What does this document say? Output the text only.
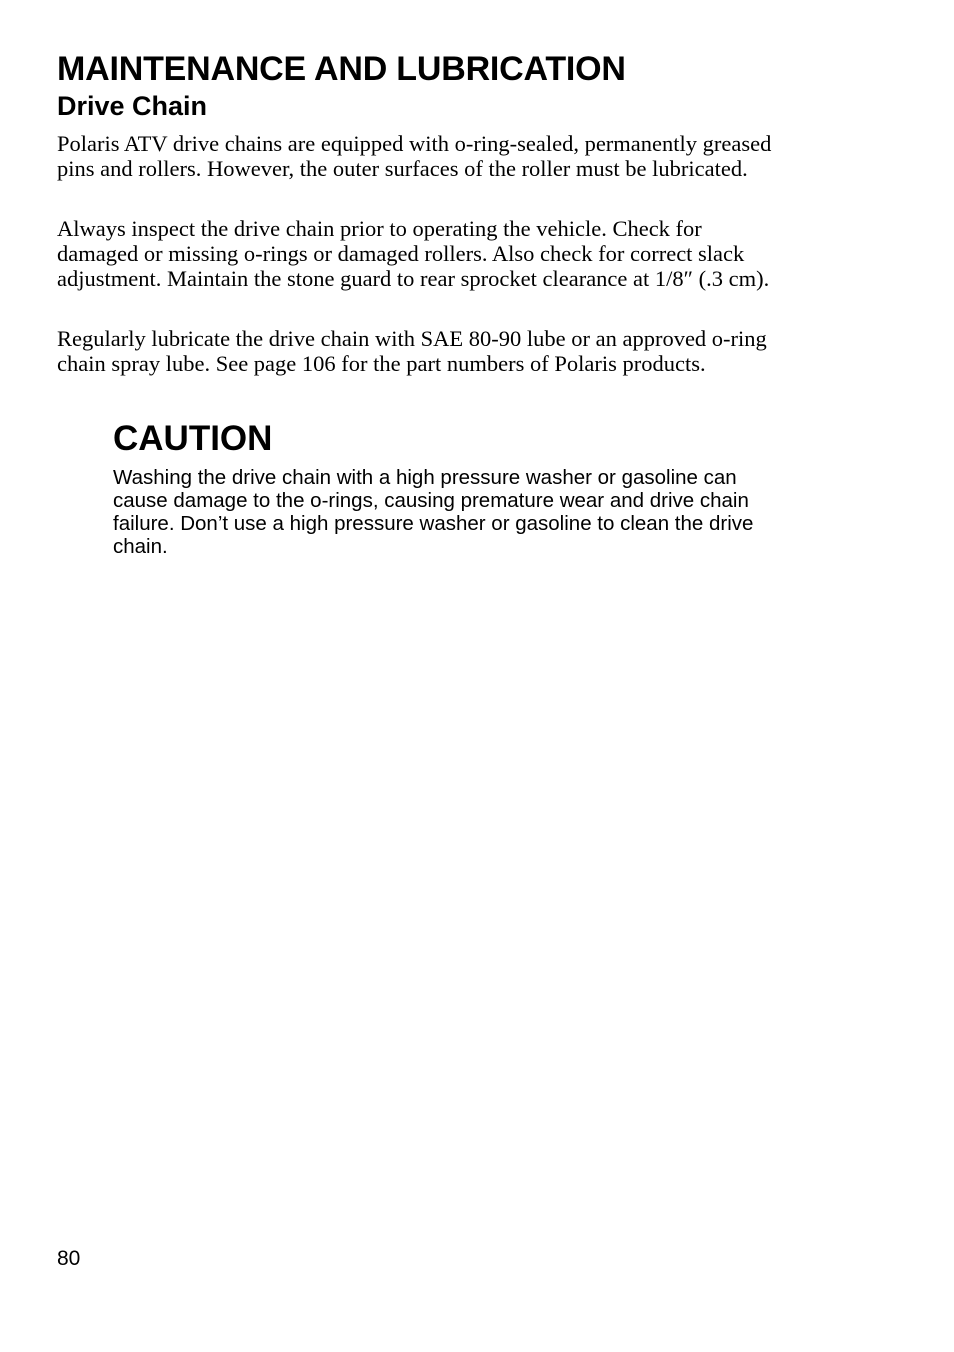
MAINTENANCE AND LUBRICATION
Drive Chain

Polaris ATV drive chains are equipped with o-ring-sealed, permanently greased pins and rollers. However, the outer surfaces of the roller must be lubricated.

Always inspect the drive chain prior to operating the vehicle. Check for damaged or missing o-rings or damaged rollers. Also check for correct slack adjustment. Maintain the stone guard to rear sprocket clearance at 1/8″ (.3 cm).

Regularly lubricate the drive chain with SAE 80-90 lube or an approved o-ring chain spray lube. See page 106 for the part numbers of Polaris products.

CAUTION

Washing the drive chain with a high pressure washer or gasoline can cause damage to the o-rings, causing premature wear and drive chain failure. Don’t use a high pressure washer or gasoline to clean the drive chain.

80
